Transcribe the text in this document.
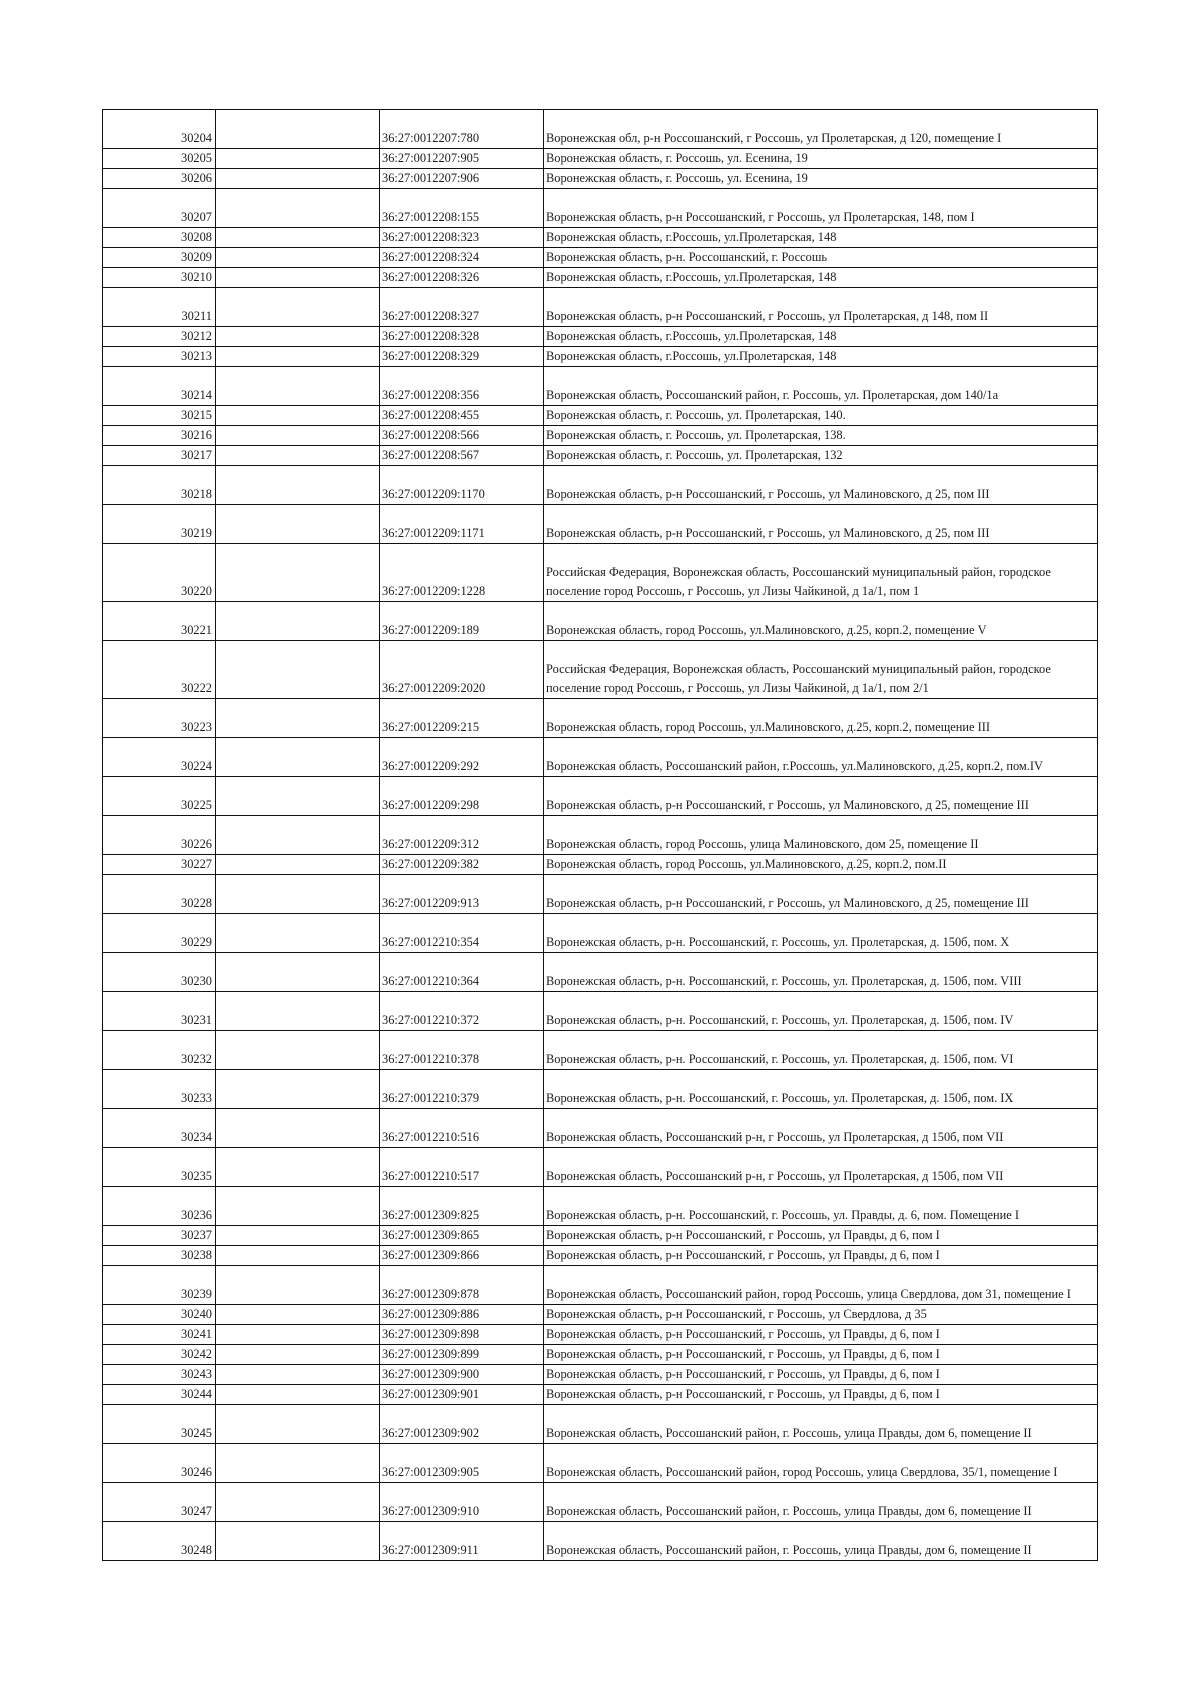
30204		36:27:0012207:780	Воронежская обл, р-н Россошанский, г Россошь, ул Пролетарская, д 120, помещение I
30205		36:27:0012207:905	Воронежская область, г. Россошь, ул. Есенина, 19
30206		36:27:0012207:906	Воронежская область, г. Россошь, ул. Есенина, 19
30207		36:27:0012208:155	Воронежская область, р-н Россошанский, г Россошь, ул Пролетарская, 148, пом I
30208		36:27:0012208:323	Воронежская область, г.Россошь, ул.Пролетарская, 148
30209		36:27:0012208:324	Воронежская область, р-н. Россошанский, г. Россошь
30210		36:27:0012208:326	Воронежская область, г.Россошь, ул.Пролетарская, 148
30211		36:27:0012208:327	Воронежская область, р-н Россошанский, г Россошь, ул Пролетарская, д 148, пом II
30212		36:27:0012208:328	Воронежская область, г.Россошь, ул.Пролетарская, 148
30213		36:27:0012208:329	Воронежская область, г.Россошь, ул.Пролетарская, 148
30214		36:27:0012208:356	Воронежская область, Россошанский район, г. Россошь, ул. Пролетарская, дом 140/1а
30215		36:27:0012208:455	Воронежская область, г. Россошь, ул. Пролетарская, 140.
30216		36:27:0012208:566	Воронежская область, г. Россошь, ул. Пролетарская, 138.
30217		36:27:0012208:567	Воронежская область, г. Россошь, ул. Пролетарская, 132
30218		36:27:0012209:1170	Воронежская область, р-н Россошанский, г Россошь, ул Малиновского, д 25, пом III
30219		36:27:0012209:1171	Воронежская область, р-н Россошанский, г Россошь, ул Малиновского, д 25, пом III
30220		36:27:0012209:1228	Российская Федерация, Воронежская область, Россошанский муниципальный район, городское поселение город Россошь, г Россошь, ул Лизы Чайкиной, д 1а/1, пом 1
30221		36:27:0012209:189	Воронежская область, город Россошь, ул.Малиновского, д.25, корп.2, помещение V
30222		36:27:0012209:2020	Российская Федерация, Воронежская область, Россошанский муниципальный район, городское поселение город Россошь, г Россошь, ул Лизы Чайкиной, д 1а/1, пом 2/1
30223		36:27:0012209:215	Воронежская область, город Россошь, ул.Малиновского, д.25, корп.2, помещение III
30224		36:27:0012209:292	Воронежская область, Россошанский район, г.Россошь, ул.Малиновского, д.25, корп.2, пом.IV
30225		36:27:0012209:298	Воронежская область, р-н Россошанский, г Россошь, ул Малиновского, д 25, помещение III
30226		36:27:0012209:312	Воронежская область, город Россошь, улица Малиновского, дом 25, помещение II
30227		36:27:0012209:382	Воронежская область, город Россошь, ул.Малиновского, д.25, корп.2, пом.II
30228		36:27:0012209:913	Воронежская область, р-н Россошанский, г Россошь, ул Малиновского, д 25, помещение III
30229		36:27:0012210:354	Воронежская область, р-н. Россошанский, г. Россошь, ул. Пролетарская, д. 150б, пом. X
30230		36:27:0012210:364	Воронежская область, р-н. Россошанский, г. Россошь, ул. Пролетарская, д. 150б, пом. VIII
30231		36:27:0012210:372	Воронежская область, р-н. Россошанский, г. Россошь, ул. Пролетарская, д. 150б, пом. IV
30232		36:27:0012210:378	Воронежская область, р-н. Россошанский, г. Россошь, ул. Пролетарская, д. 150б, пом. VI
30233		36:27:0012210:379	Воронежская область, р-н. Россошанский, г. Россошь, ул. Пролетарская, д. 150б, пом. IX
30234		36:27:0012210:516	Воронежская область, Россошанский р-н, г Россошь, ул Пролетарская, д 150б, пом VII
30235		36:27:0012210:517	Воронежская область, Россошанский р-н, г Россошь, ул Пролетарская, д 150б, пом VII
30236		36:27:0012309:825	Воронежская область, р-н. Россошанский, г. Россошь, ул. Правды, д. 6, пом. Помещение I
30237		36:27:0012309:865	Воронежская область, р-н Россошанский, г Россошь, ул Правды, д 6, пом I
30238		36:27:0012309:866	Воронежская область, р-н Россошанский, г Россошь, ул Правды, д 6, пом I
30239		36:27:0012309:878	Воронежская область, Россошанский район, город Россошь, улица Свердлова, дом 31, помещение I
30240		36:27:0012309:886	Воронежская область, р-н Россошанский, г Россошь, ул Свердлова, д 35
30241		36:27:0012309:898	Воронежская область, р-н Россошанский, г Россошь, ул Правды, д 6, пом I
30242		36:27:0012309:899	Воронежская область, р-н Россошанский, г Россошь, ул Правды, д 6, пом I
30243		36:27:0012309:900	Воронежская область, р-н Россошанский, г Россошь, ул Правды, д 6, пом I
30244		36:27:0012309:901	Воронежская область, р-н Россошанский, г Россошь, ул Правды, д 6, пом I
30245		36:27:0012309:902	Воронежская область, Россошанский район, г. Россошь, улица Правды, дом 6, помещение II
30246		36:27:0012309:905	Воронежская область, Россошанский район, город Россошь, улица Свердлова, 35/1, помещение I
30247		36:27:0012309:910	Воронежская область, Россошанский район, г. Россошь, улица Правды, дом 6, помещение II
30248		36:27:0012309:911	Воронежская область, Россошанский район, г. Россошь, улица Правды, дом 6, помещение II
